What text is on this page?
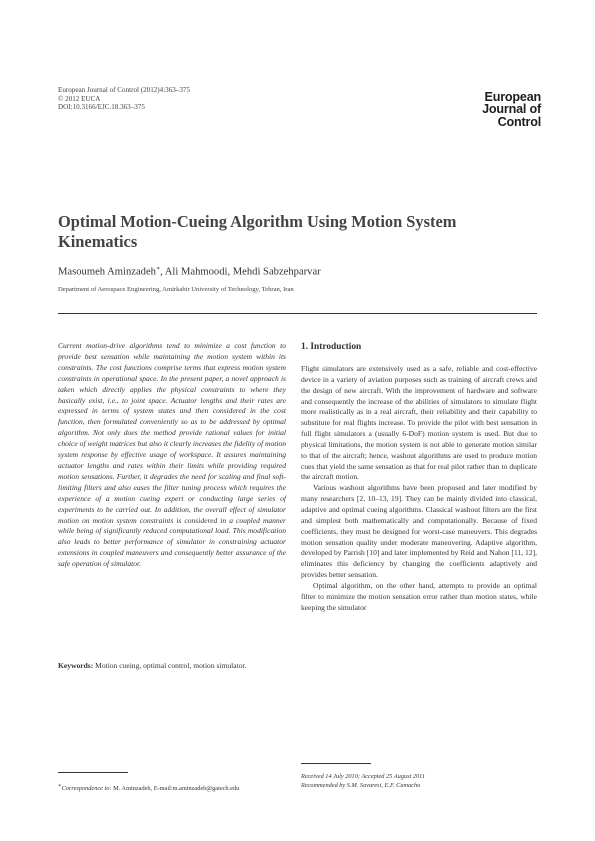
European Journal of Control (2012)4:363–375
© 2012 EUCA
DOI:10.3166/EJC.18.363–375
European
Journal of
Control
Optimal Motion-Cueing Algorithm Using Motion System
Kinematics
Masoumeh Aminzadeh∗, Ali Mahmoodi, Mehdi Sabzehparvar
Department of Aerospace Engineering, Amirkabir University of Technology, Tehran, Iran
Current motion-drive algorithms tend to minimize a cost function to provide best sensation while maintaining the motion system within its constraints. The cost functions comprise terms that express motion system constraints in operational space. In the present paper, a novel approach is taken which directly applies the physical constraints to where they basically exist, i.e., to joint space. Actuator lengths and their rates are expressed in terms of system states and then considered in the cost function, then formulated conveniently so as to be addressed by optimal algorithm. Not only does the method provide rational values for initial choice of weight matrices but also it clearly increases the fidelity of motion system response by effective usage of workspace. It assures maintaining actuator lengths and rates within their limits while providing required motion sensations. Further, it degrades the need for scaling and final soft-limiting filters and also eases the filter tuning process which requires the experience of a motion cueing expert or conducting large series of experiments to be carried out. In addition, the overall effect of simulator motion on motion system constraints is considered in a coupled manner while being of significantly reduced computational load. This modification also leads to better performance of simulator in constraining actuator extensions in coupled maneuvers and consequently better assurance of the safe operation of simulator.
Keywords: Motion cueing, optimal control, motion simulator.
1. Introduction

Flight simulators are extensively used as a safe, reliable and cost-effective device in a variety of aviation purposes such as training of aircraft crews and the design of new aircraft. With the improvement of hardware and software and consequently the increase of the abilities of simulators to simulate flight more realistically as in a real aircraft, their reliability and their capability to substitute for real flights increase. To provide the pilot with best sensation in full flight simulators a (usually 6-DoF) motion system is used. But due to physical limitations, the motion system is not able to generate motion similar to that of the aircraft; hence, washout algorithms are used to produce motion cues that yield the same sensation as that for real pilot rather than to duplicate the aircraft motion.

Various washout algorithms have been proposed and later modified by many researchers [2, 10–13, 19]. They can be mainly divided into classical, adaptive and optimal cueing algorithms. Classical washout filters are the first and simplest both mathematically and computationally. Because of fixed coefficients, they must be designed for worst-case maneuvers. This degrades motion sensation quality under moderate maneuvering. Adaptive algorithm, developed by Parrish [10] and later implemented by Reid and Nahon [11, 12], eliminates this deficiency by changing the coefficients adaptively and provides better sensation.

Optimal algorithm, on the other hand, attempts to provide an optimal filter to minimize the motion sensation error rather than motion states, while keeping the simulator

∗Correspondence to: M. Aminzadeh, E-mail:m.aminzadeh@gatech.edu
Received 14 July 2010; Accepted 25 August 2011
Recommended by S.M. Savaresi, E.F. Camacho
